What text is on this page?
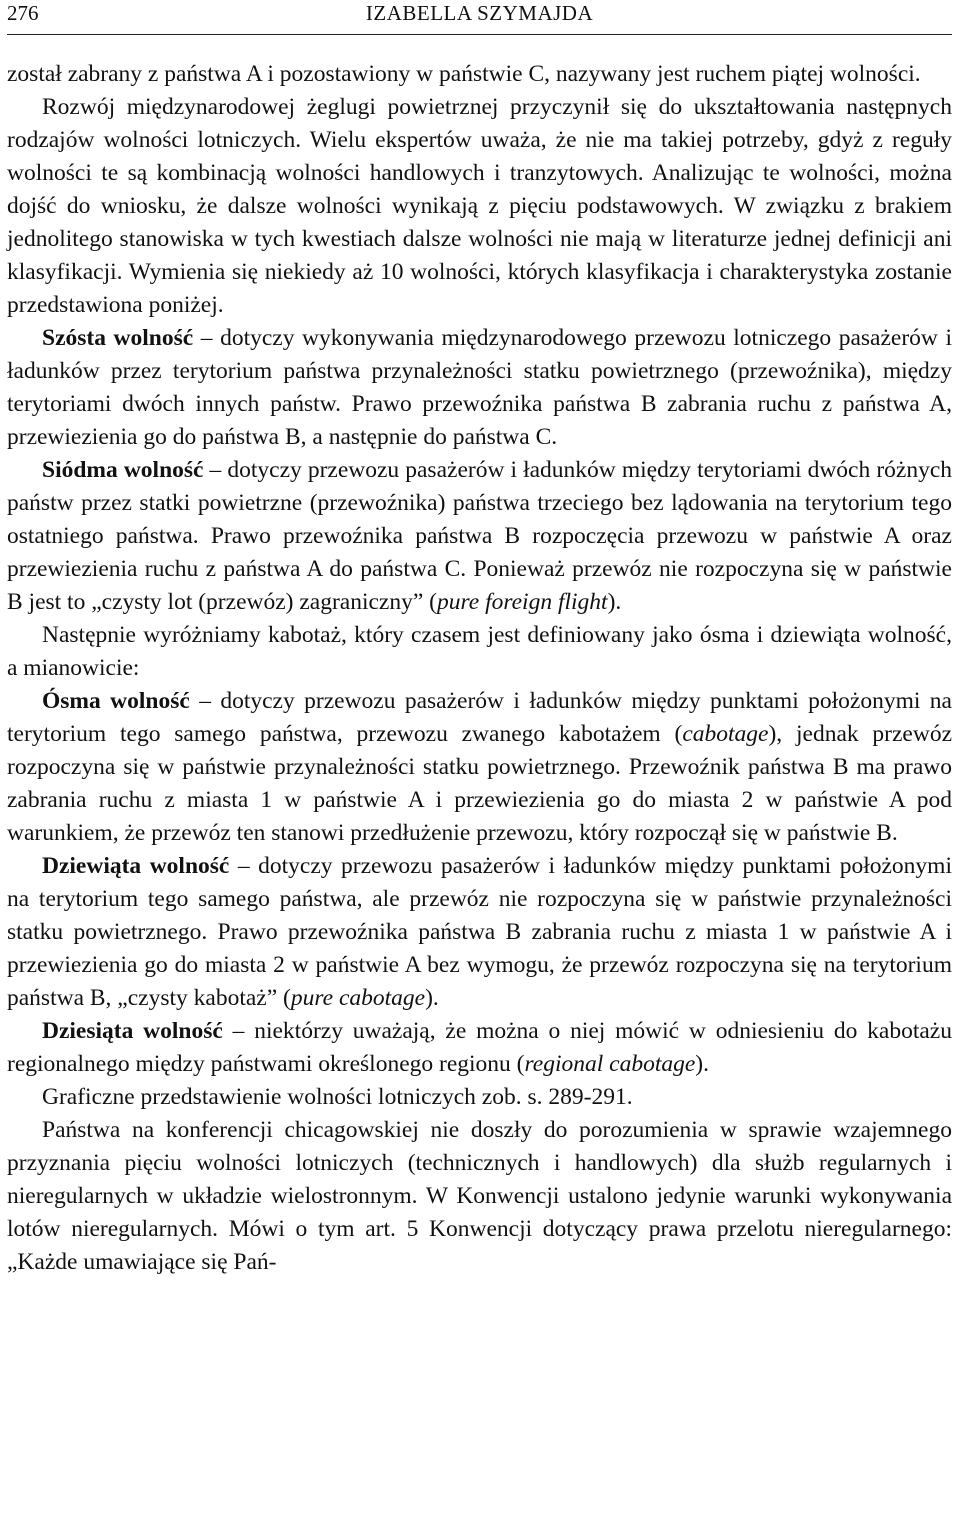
276	IZABELLA SZYMAJDA

został zabrany z państwa A i pozostawiony w państwie C, nazywany jest ruchem piątej wolności.

Rozwój międzynarodowej żeglugi powietrznej przyczynił się do ukształtowania następnych rodzajów wolności lotniczych. Wielu ekspertów uważa, że nie ma takiej potrzeby, gdyż z reguły wolności te są kombinacją wolności handlowych i tranzytowych. Analizując te wolności, można dojść do wniosku, że dalsze wolności wynikają z pięciu podstawowych. W związku z brakiem jednolitego stanowiska w tych kwestiach dalsze wolności nie mają w literaturze jednej definicji ani klasyfikacji. Wymienia się niekiedy aż 10 wolności, których klasyfikacja i charakterystyka zostanie przedstawiona poniżej.

Szósta wolność – dotyczy wykonywania międzynarodowego przewozu lotniczego pasażerów i ładunków przez terytorium państwa przynależności statku powietrznego (przewoźnika), między terytoriami dwóch innych państw. Prawo przewoźnika państwa B zabrania ruchu z państwa A, przewiezienia go do państwa B, a następnie do państwa C.

Siódma wolność – dotyczy przewozu pasażerów i ładunków między terytoriami dwóch różnych państw przez statki powietrzne (przewoźnika) państwa trzeciego bez lądowania na terytorium tego ostatniego państwa. Prawo przewoźnika państwa B rozpoczęcia przewozu w państwie A oraz przewiezienia ruchu z państwa A do państwa C. Ponieważ przewóz nie rozpoczyna się w państwie B jest to „czysty lot (przewóz) zagraniczny” (pure foreign flight).

Następnie wyróżniamy kabotaż, który czasem jest definiowany jako ósma i dziewiąta wolność, a mianowicie:

Ósma wolność – dotyczy przewozu pasażerów i ładunków między punktami położonymi na terytorium tego samego państwa, przewozu zwanego kabotażem (cabotage), jednak przewóz rozpoczyna się w państwie przynależności statku powietrznego. Przewoźnik państwa B ma prawo zabrania ruchu z miasta 1 w państwie A i przewiezienia go do miasta 2 w państwie A pod warunkiem, że przewóz ten stanowi przedłużenie przewozu, który rozpoczął się w państwie B.

Dziewiąta wolność – dotyczy przewozu pasażerów i ładunków między punktami położonymi na terytorium tego samego państwa, ale przewóz nie rozpoczyna się w państwie przynależności statku powietrznego. Prawo przewoźnika państwa B zabrania ruchu z miasta 1 w państwie A i przewiezienia go do miasta 2 w państwie A bez wymogu, że przewóz rozpoczyna się na terytorium państwa B, „czysty kabotaż” (pure cabotage).

Dziesiąta wolność – niektórzy uważają, że można o niej mówić w odniesieniu do kabotażu regionalnego między państwami określonego regionu (regional cabotage).

Graficzne przedstawienie wolności lotniczych zob. s. 289-291.

Państwa na konferencji chicagowskiej nie doszły do porozumienia w sprawie wzajemnego przyznania pięciu wolności lotniczych (technicznych i handlowych) dla służb regularnych i nieregularnych w układzie wielostronnym. W Konwencji ustalono jedynie warunki wykonywania lotów nieregularnych. Mówi o tym art. 5 Konwencji dotyczący prawa przelotu nieregularnego: „Każde umawiające się Pań-
